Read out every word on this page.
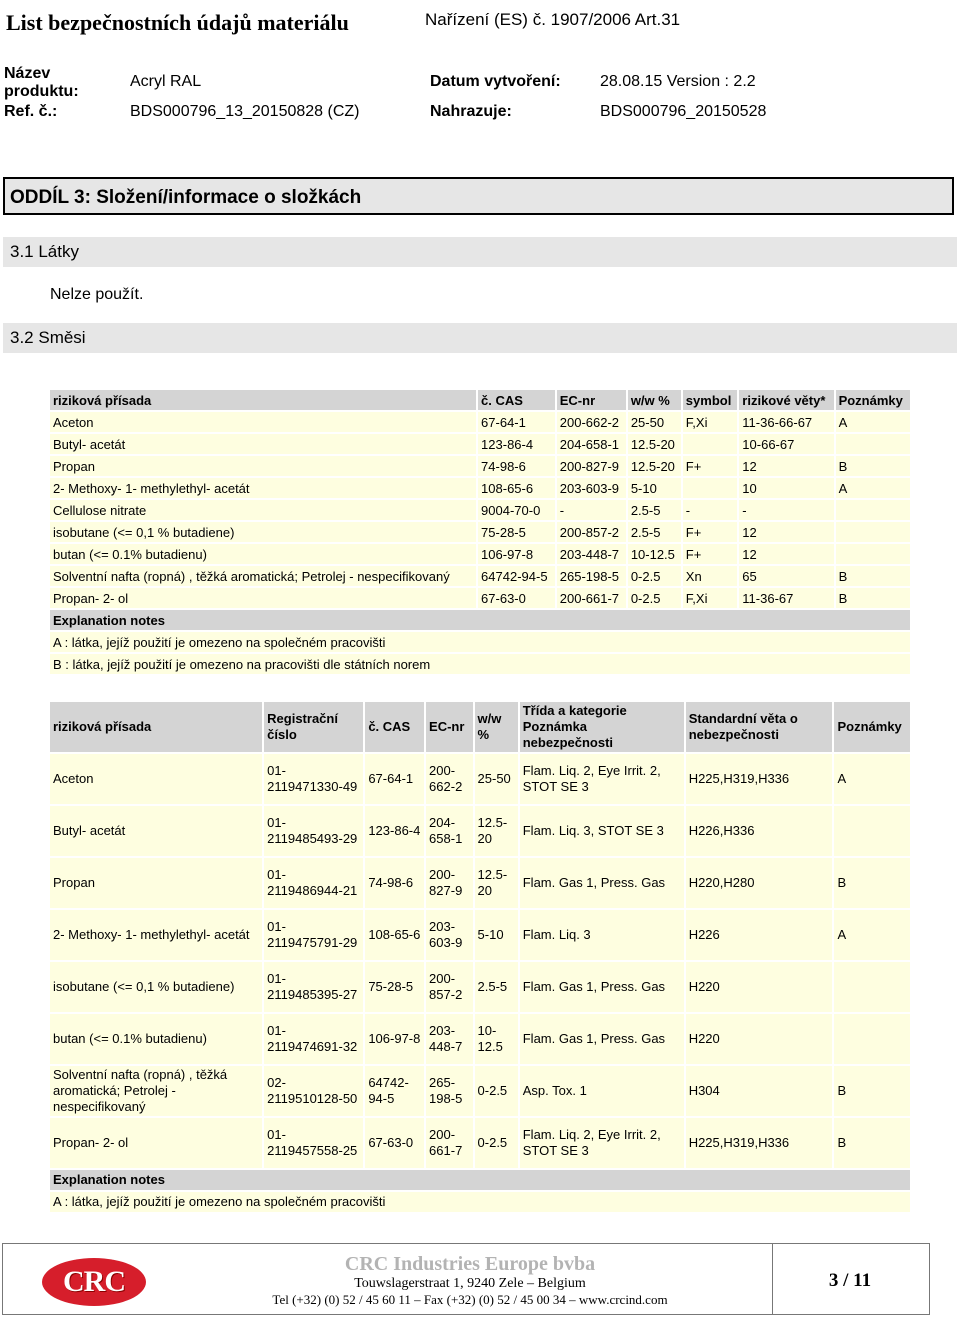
List bezpečnostních údajů materiálu	Nařízení (ES) č. 1907/2006 Art.31
Název produktu:
Acryl RAL
Ref. č.:	BDS000796_13_20150828 (CZ)
Datum vytvoření: 28.08.15 Version : 2.2
Nahrazuje:	BDS000796_20150528
ODDÍL 3: Složení/informace o složkách
3.1 Látky
Nelze použít.
3.2 Směsi
riziková přísada	č. CAS	EC-nr	w/w %	symbol	rizikové věty*	Poznámky
Aceton	67-64-1	200-662-2	25-50	F,Xi	11-36-66-67	A
Butyl- acetát	123-86-4	204-658-1	12.5-20		10-66-67	
Propan	74-98-6	200-827-9	12.5-20	F+	12	B
2- Methoxy- 1- methylethyl- acetát	108-65-6	203-603-9	5-10		10	A
Cellulose nitrate	9004-70-0	-	2.5-5	-	-	
isobutane (<= 0,1 % butadiene)	75-28-5	200-857-2	2.5-5	F+	12	
butan (<= 0.1% butadienu)	106-97-8	203-448-7	10-12.5	F+	12	
Solventní nafta (ropná) , těžká aromatická; Petrolej - nespecifikovaný	64742-94-5	265-198-5	0-2.5	Xn	65	B
Propan- 2- ol	67-63-0	200-661-7	0-2.5	F,Xi	11-36-67	B
Explanation notes						
A : látka, jejíž použití je omezeno na společném pracovišti						
B : látka, jejíž použití je omezeno na pracovišti dle státních norem						
riziková přísada	Registrační číslo	č. CAS	EC-nr	w/w %	Třída a kategorie Poznámka nebezpečnosti	Standardní věta o nebezpečnosti	Poznámky
Aceton	01-2119471330-49	67-64-1	200-662-2	25-50	Flam. Liq. 2, Eye Irrit. 2, STOT SE 3	H225,H319,H336	A
Butyl- acetát	01-2119485493-29	123-86-4	204-658-1	12.5-20	Flam. Liq. 3, STOT SE 3	H226,H336	
Propan	01-2119486944-21	74-98-6	200-827-9	12.5-20	Flam. Gas 1, Press. Gas	H220,H280	B
2- Methoxy- 1- methylethyl- acetát	01-2119475791-29	108-65-6	203-603-9	5-10	Flam. Liq. 3	H226	A
isobutane (<= 0,1 % butadiene)	01-2119485395-27	75-28-5	200-857-2	2.5-5	Flam. Gas 1, Press. Gas	H220	
butan (<= 0.1% butadienu)	01-2119474691-32	106-97-8	203-448-7	10-12.5	Flam. Gas 1, Press. Gas	H220	
Solventní nafta (ropná) , těžká aromatická; Petrolej - nespecifikovaný	02-2119510128-50	64742-94-5	265-198-5	0-2.5	Asp. Tox. 1	H304	B
Propan- 2- ol	01-2119457558-25	67-63-0	200-661-7	0-2.5	Flam. Liq. 2, Eye Irrit. 2, STOT SE 3	H225,H319,H336	B
Explanation notes							
A : látka, jejíž použití je omezeno na společném pracovišti							
CRC
CRC Industries Europe bvba
Touwslagerstraat 1, 9240 Zele – Belgium
Tel (+32) (0) 52 / 45 60 11 – Fax (+32) (0) 52 / 45 00 34 – www.crcind.com
3 / 11
